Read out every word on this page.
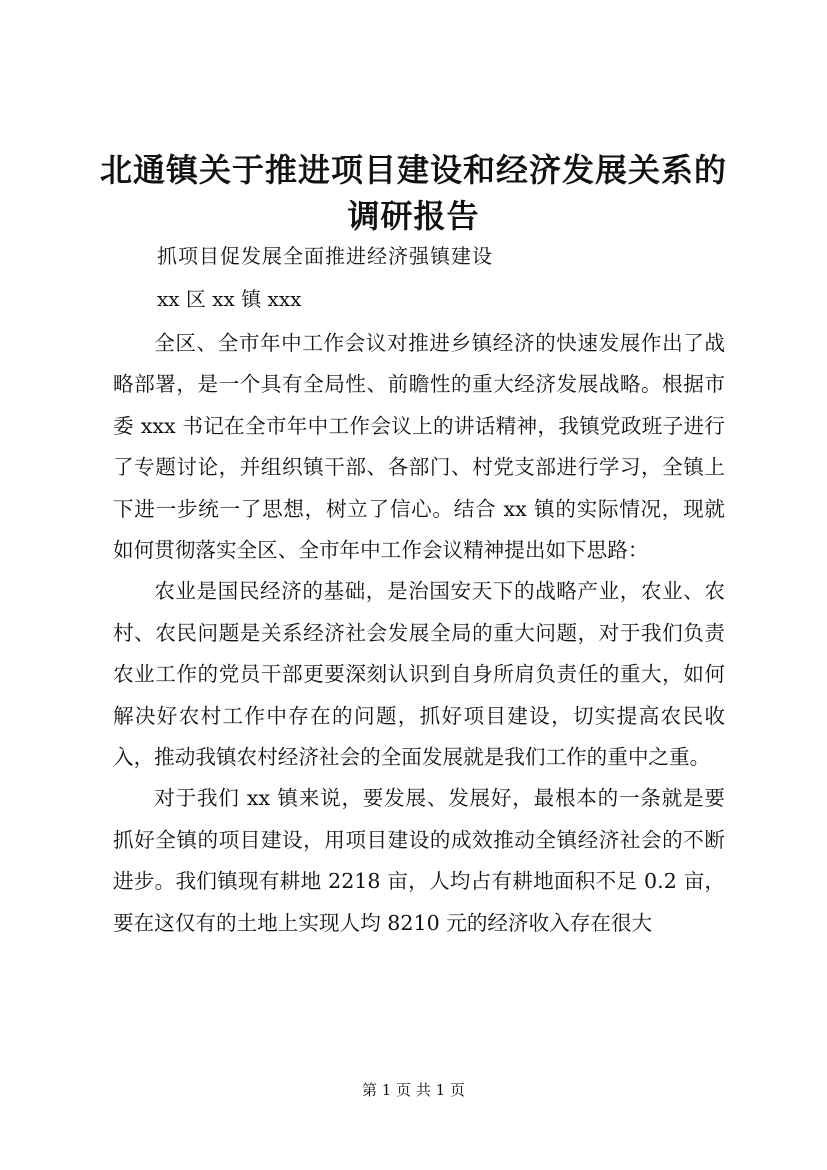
北通镇关于推进项目建设和经济发展关系的调研报告
抓项目促发展全面推进经济强镇建设
xx 区 xx 镇 xxx

全区、全市年中工作会议对推进乡镇经济的快速发展作出了战略部署，是一个具有全局性、前瞻性的重大经济发展战略。根据市委 xxx 书记在全市年中工作会议上的讲话精神，我镇党政班子进行了专题讨论，并组织镇干部、各部门、村党支部进行学习，全镇上下进一步统一了思想，树立了信心。结合 xx 镇的实际情况，现就如何贯彻落实全区、全市年中工作会议精神提出如下思路：

农业是国民经济的基础，是治国安天下的战略产业，农业、农村、农民问题是关系经济社会发展全局的重大问题，对于我们负责农业工作的党员干部更要深刻认识到自身所肩负责任的重大，如何解决好农村工作中存在的问题，抓好项目建设，切实提高农民收入，推动我镇农村经济社会的全面发展就是我们工作的重中之重。

对于我们 xx 镇来说，要发展、发展好，最根本的一条就是要抓好全镇的项目建设，用项目建设的成效推动全镇经济社会的不断进步。我们镇现有耕地 2218 亩，人均占有耕地面积不足 0.2 亩，要在这仅有的土地上实现人均 8210 元的经济收入存在很大

第 1 页 共 1 页
